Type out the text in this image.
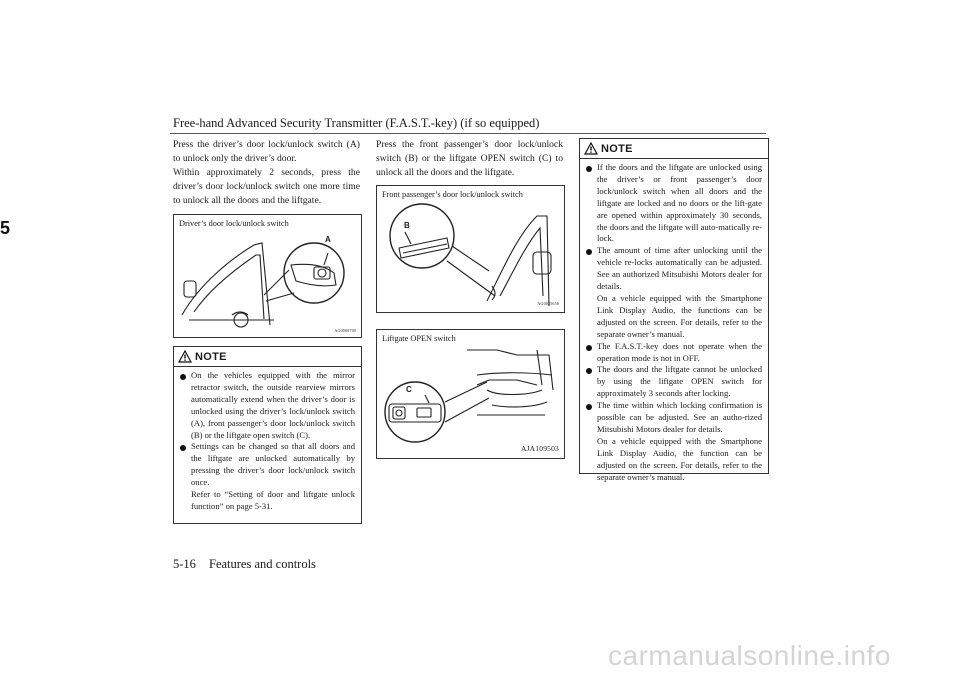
Free-hand Advanced Security Transmitter (F.A.S.T.-key) (if so equipped)
5

Press the driver’s door lock/unlock switch (A) to unlock only the driver’s door.

Within approximately 2 seconds, press the driver’s door lock/unlock switch one more time to unlock all the doors and the liftgate.

Driver’s door lock/unlock switch
A
AG0000790
NOTE
On the vehicles equipped with the mirror retractor switch, the outside rearview mirrors automatically extend when the driver’s door is unlocked using the driver’s lock/unlock switch (A), front passenger’s door lock/unlock switch (B) or the liftgate open switch (C).
Settings can be changed so that all doors and the liftgate are unlocked automatically by pressing the driver’s door lock/unlock switch once.
Refer to “Setting of door and liftgate unlock function” on page 5-31.

Press the front passenger’s door lock/unlock switch (B) or the liftgate OPEN switch (C) to unlock all the doors and the liftgate.

Front passenger’s door lock/unlock switch
B
AG0025658
Liftgate OPEN switch
C
AJA109503
NOTE
If the doors and the liftgate are unlocked using the driver’s or front passenger’s door lock/unlock switch when all doors and the liftgate are locked and no doors or the lift-gate are opened within approximately 30 seconds, the doors and the liftgate will auto-matically re-lock.
The amount of time after unlocking until the vehicle re-locks automatically can be adjusted. See an authorized Mitsubishi Motors dealer for details.
On a vehicle equipped with the Smartphone Link Display Audio, the functions can be adjusted on the screen. For details, refer to the separate owner’s manual.
The F.A.S.T.-key does not operate when the operation mode is not in OFF.
The doors and the liftgate cannot be unlocked by using the liftgate OPEN switch for approximately 3 seconds after locking.
The time within which locking confirmation is possible can be adjusted. See an autho-rized Mitsubishi Motors dealer for details.
On a vehicle equipped with the Smartphone Link Display Audio, the function can be adjusted on the screen. For details, refer to the separate owner’s manual.
5-16 Features and controls
carmanualsonline.info
